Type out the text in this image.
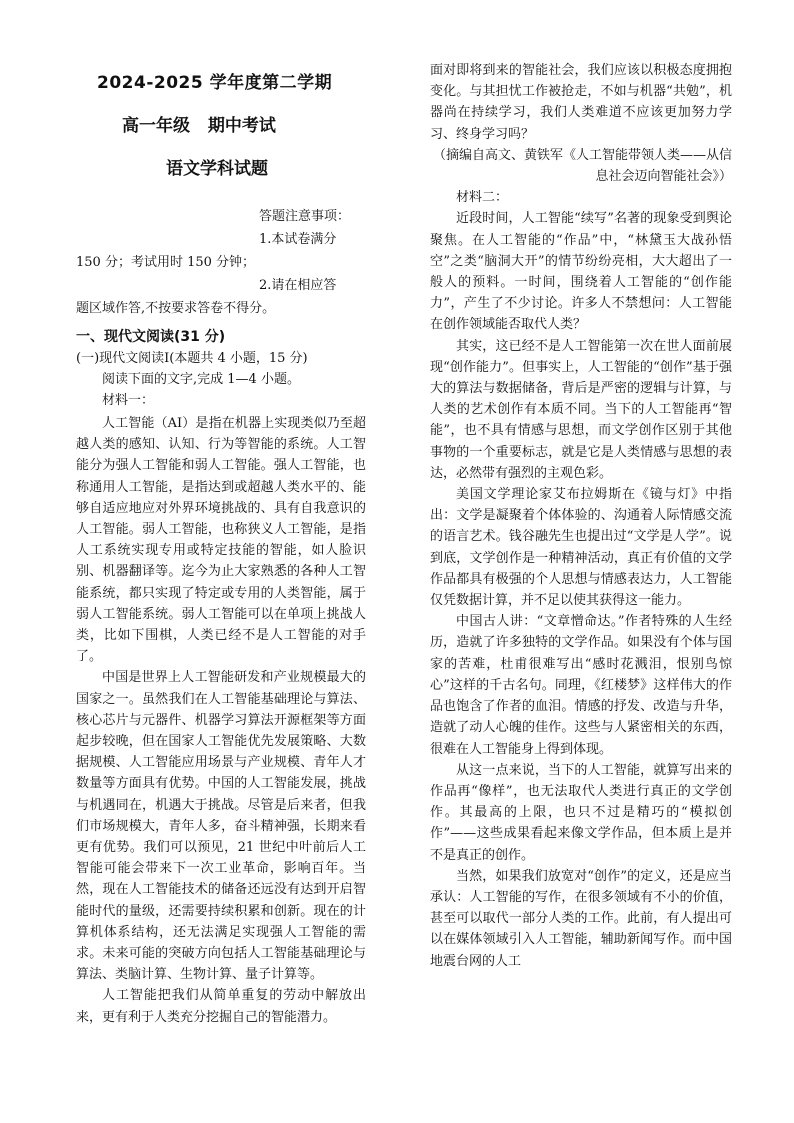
2024-2025 学年度第二学期
高一年级 期中考试
语文学科试题
答题注意事项：
1.本试卷满分
150 分；考试用时 150 分钟；
2.请在相应答
题区域作答,不按要求答卷不得分。
一、现代文阅读(31 分)
(一)现代文阅读Ⅰ(本题共 4 小题，15 分)
阅读下面的文字,完成 1—4 小题。
材料一：

人工智能（AI）是指在机器上实现类似乃至超越人类的感知、认知、行为等智能的系统。人工智能分为强人工智能和弱人工智能。强人工智能，也称通用人工智能，是指达到或超越人类水平的、能够自适应地应对外界环境挑战的、具有自我意识的人工智能。弱人工智能，也称狭义人工智能，是指人工系统实现专用或特定技能的智能，如人脸识别、机器翻译等。迄今为止大家熟悉的各种人工智能系统，都只实现了特定或专用的人类智能，属于弱人工智能系统。弱人工智能可以在单项上挑战人类，比如下围棋，人类已经不是人工智能的对手了。

中国是世界上人工智能研发和产业规模最大的国家之一。虽然我们在人工智能基础理论与算法、核心芯片与元器件、机器学习算法开源框架等方面起步较晚，但在国家人工智能优先发展策略、大数据规模、人工智能应用场景与产业规模、青年人才数量等方面具有优势。中国的人工智能发展，挑战与机遇同在，机遇大于挑战。尽管是后来者，但我们市场规模大，青年人多，奋斗精神强，长期来看更有优势。我们可以预见，21 世纪中叶前后人工智能可能会带来下一次工业革命，影响百年。当然，现在人工智能技术的储备还远没有达到开启智能时代的量级，还需要持续积累和创新。现在的计算机体系结构，还无法满足实现强人工智能的需求。未来可能的突破方向包括人工智能基础理论与算法、类脑计算、生物计算、量子计算等。

人工智能把我们从简单重复的劳动中解放出来，更有利于人类充分挖掘自己的智能潜力。

面对即将到来的智能社会，我们应该以积极态度拥抱变化。与其担忧工作被抢走，不如与机器“共勉”，机器尚在持续学习，我们人类难道不应该更加努力学习、终身学习吗？

（摘编自高文、黄铁军《人工智能带领人类——从信息社会迈向智能社会》）

材料二：

近段时间，人工智能“续写”名著的现象受到舆论聚焦。在人工智能的“作品”中，“林黛玉大战孙悟空”之类“脑洞大开”的情节纷纷亮相，大大超出了一般人的预料。一时间，围绕着人工智能的“创作能力”，产生了不少讨论。许多人不禁想问：人工智能在创作领域能否取代人类？

其实，这已经不是人工智能第一次在世人面前展现“创作能力”。但事实上，人工智能的“创作”基于强大的算法与数据储备，背后是严密的逻辑与计算，与人类的艺术创作有本质不同。当下的人工智能再“智能”，也不具有情感与思想，而文学创作区别于其他事物的一个重要标志，就是它是人类情感与思想的表达，必然带有强烈的主观色彩。

美国文学理论家艾布拉姆斯在《镜与灯》中指出：文学是凝聚着个体体验的、沟通着人际情感交流的语言艺术。钱谷融先生也提出过“文学是人学”。说到底，文学创作是一种精神活动，真正有价值的文学作品都具有极强的个人思想与情感表达力，人工智能仅凭数据计算，并不足以使其获得这一能力。

中国古人讲：“文章憎命达。”作者特殊的人生经历，造就了许多独特的文学作品。如果没有个体与国家的苦难，杜甫很难写出“感时花溅泪，恨别鸟惊心”这样的千古名句。同理，《红楼梦》这样伟大的作品也饱含了作者的血泪。情感的抒发、改造与升华，造就了动人心魄的佳作。这些与人紧密相关的东西，很难在人工智能身上得到体现。

从这一点来说，当下的人工智能，就算写出来的作品再“像样”，也无法取代人类进行真正的文学创作。其最高的上限，也只不过是精巧的“模拟创作”——这些成果看起来像文学作品，但本质上是并不是真正的创作。

当然，如果我们放宽对“创作”的定义，还是应当承认：人工智能的写作，在很多领域有不小的价值，甚至可以取代一部分人类的工作。此前，有人提出可以在媒体领域引入人工智能，辅助新闻写作。而中国地震台网的人工
